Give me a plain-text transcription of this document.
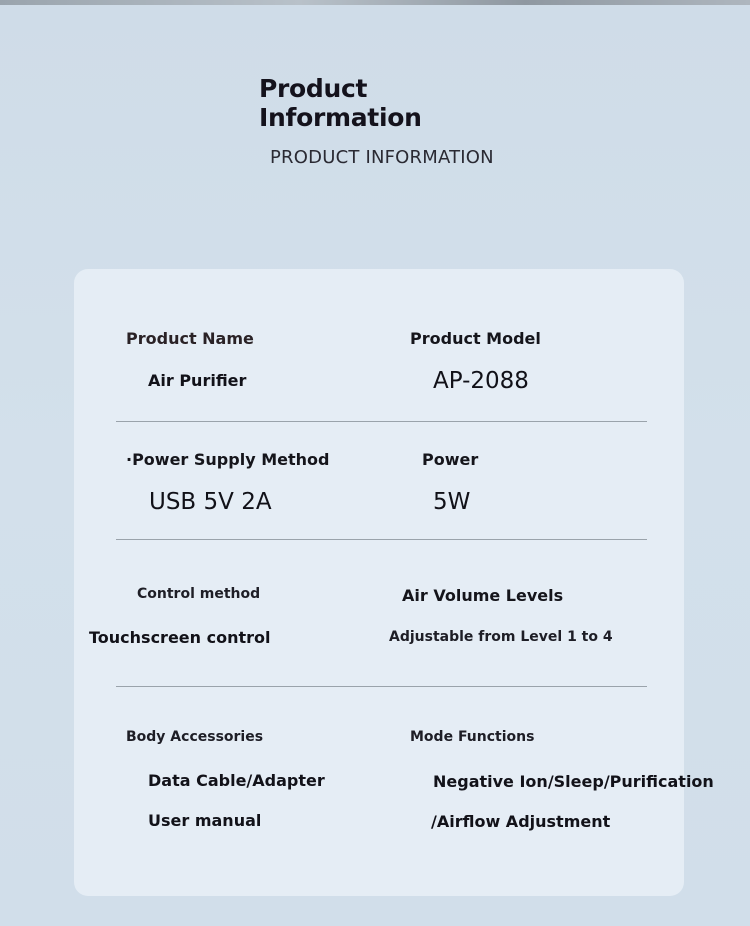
Product
Information
PRODUCT INFORMATION
Product Name
Air Purifier
Product Model
AP-2088
·Power Supply Method
USB 5V 2A
Power
5W
Control method
Touchscreen control
Air Volume Levels
Adjustable from Level 1 to 4
Body Accessories
Data Cable/Adapter
User manual
Mode Functions
Negative Ion/Sleep/Purification
/Airflow Adjustment
